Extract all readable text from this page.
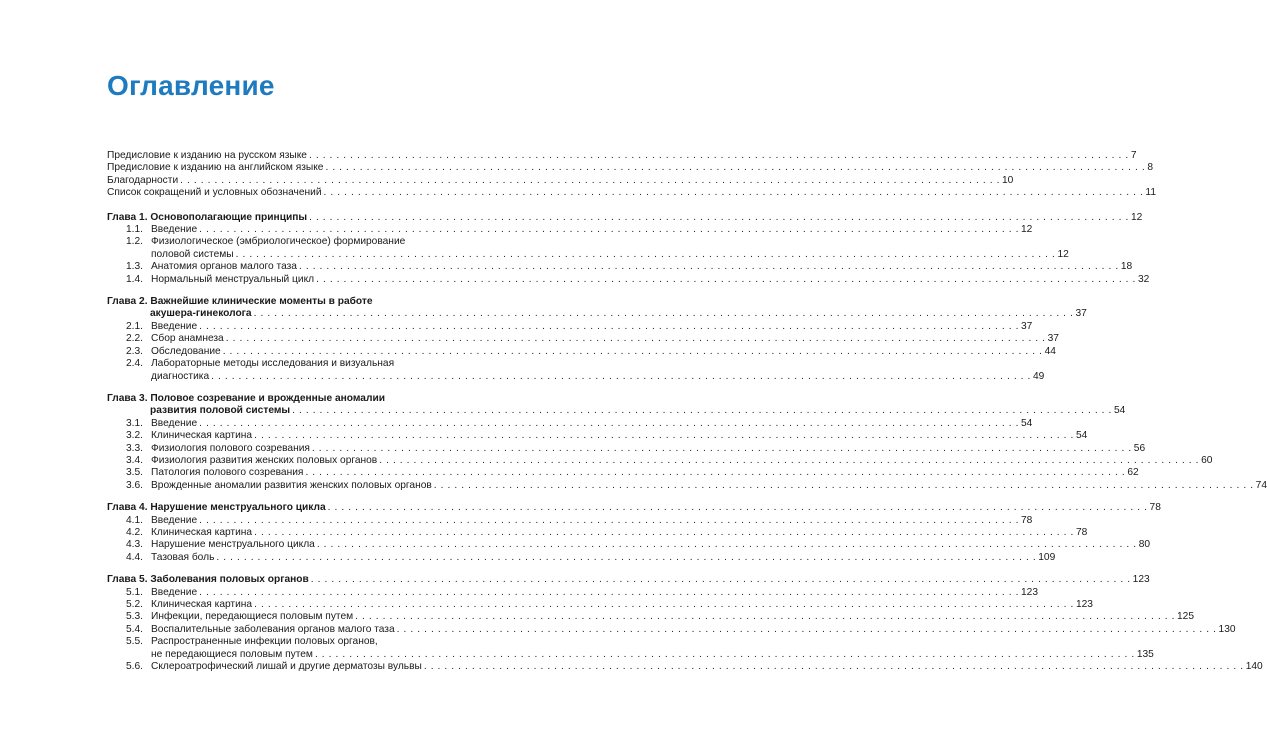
Оглавление
Предисловие к изданию на русском языке . . .	7
Предисловие к изданию на английском языке . . .	8
Благодарности . . .	10
Список сокращений и условных обозначений . . .	11
Глава 1. Основополагающие принципы . . .	12
1.1. Введение . . .	12
1.2. Физиологическое (эмбриологическое) формирование
половой системы . . .	12
1.3. Анатомия органов малого таза . . .	18
1.4. Нормальный менструальный цикл . . .	32
Глава 2. Важнейшие клинические моменты в работе
акушера-гинеколога . . .	37
2.1. Введение . . .	37
2.2. Сбор анамнеза . . .	37
2.3. Обследование . . .	44
2.4. Лабораторные методы исследования и визуальная
диагностика . . .	49
Глава 3. Половое созревание и врожденные аномалии
развития половой системы . . .	54
3.1. Введение . . .	54
3.2. Клиническая картина . . .	54
3.3. Физиология полового созревания . . .	56
3.4. Физиология развития женских половых органов . . .	60
3.5. Патология полового созревания . . .	62
3.6. Врожденные аномалии развития женских половых органов . . .	74
Глава 4. Нарушение менструального цикла . . .	78
4.1. Введение . . .	78
4.2. Клиническая картина . . .	78
4.3. Нарушение менструального цикла . . .	80
4.4. Тазовая боль . . .	109
Глава 5. Заболевания половых органов . . .	123
5.1. Введение . . .	123
5.2. Клиническая картина . . .	123
5.3. Инфекции, передающиеся половым путем . . .	125
5.4. Воспалительные заболевания органов малого таза . . .	130
5.5. Распространенные инфекции половых органов,
не передающиеся половым путем . . .	135
5.6. Склероатрофический лишай и другие дерматозы вульвы . . .	140
